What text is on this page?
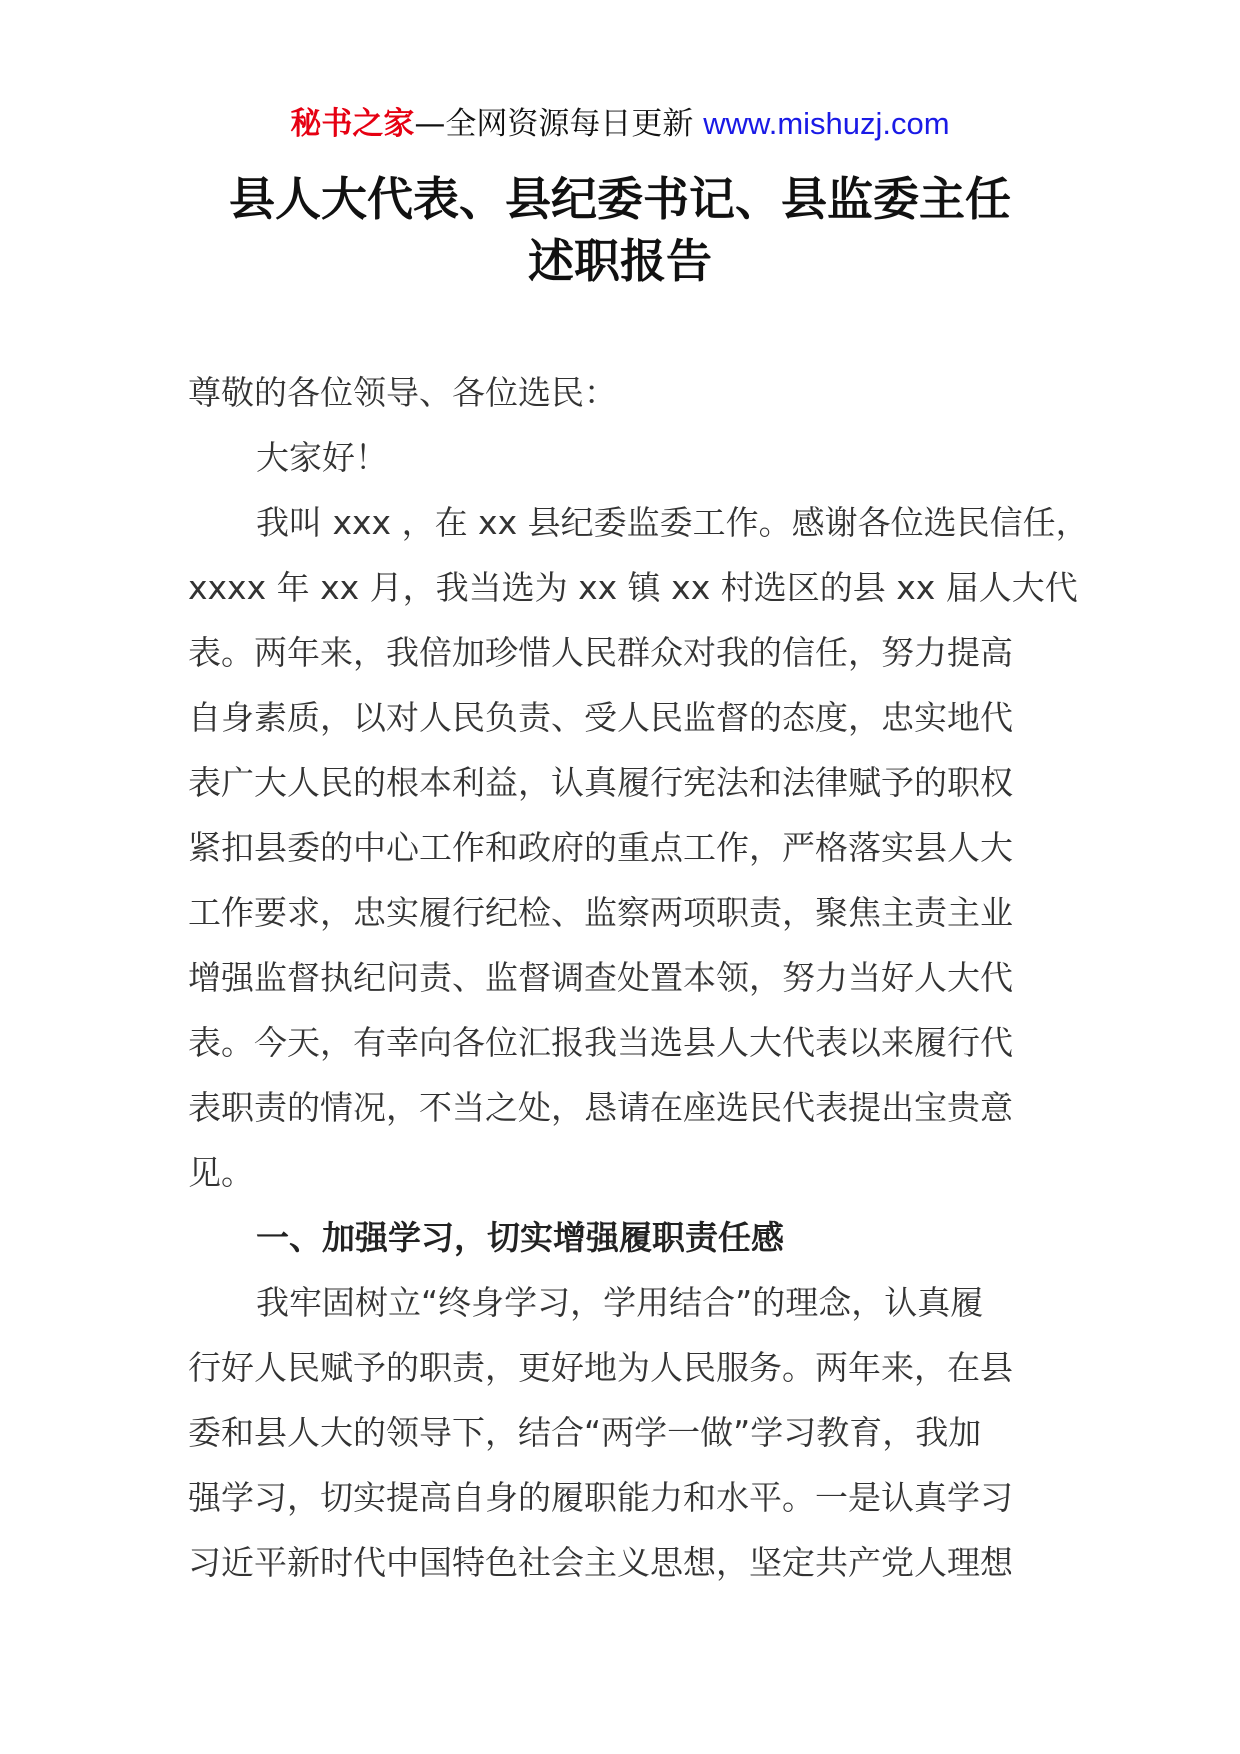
秘书之家—全网资源每日更新 www.mishuzj.com
县人大代表、县纪委书记、县监委主任
述职报告
尊敬的各位领导、各位选民：
大家好！
我叫 xxx ，在 xx 县纪委监委工作。感谢各位选民信任，
xxxx 年 xx 月，我当选为 xx 镇 xx 村选区的县 xx 届人大代
表。两年来，我倍加珍惜人民群众对我的信任，努力提高
自身素质，以对人民负责、受人民监督的态度，忠实地代
表广大人民的根本利益，认真履行宪法和法律赋予的职权
紧扣县委的中心工作和政府的重点工作，严格落实县人大
工作要求，忠实履行纪检、监察两项职责，聚焦主责主业
增强监督执纪问责、监督调查处置本领，努力当好人大代
表。今天，有幸向各位汇报我当选县人大代表以来履行代
表职责的情况，不当之处，恳请在座选民代表提出宝贵意
见。
一、加强学习，切实增强履职责任感
我牢固树立“终身学习，学用结合”的理念，认真履
行好人民赋予的职责，更好地为人民服务。两年来，在县
委和县人大的领导下，结合“两学一做”学习教育，我加
强学习，切实提高自身的履职能力和水平。一是认真学习
习近平新时代中国特色社会主义思想，坚定共产党人理想
